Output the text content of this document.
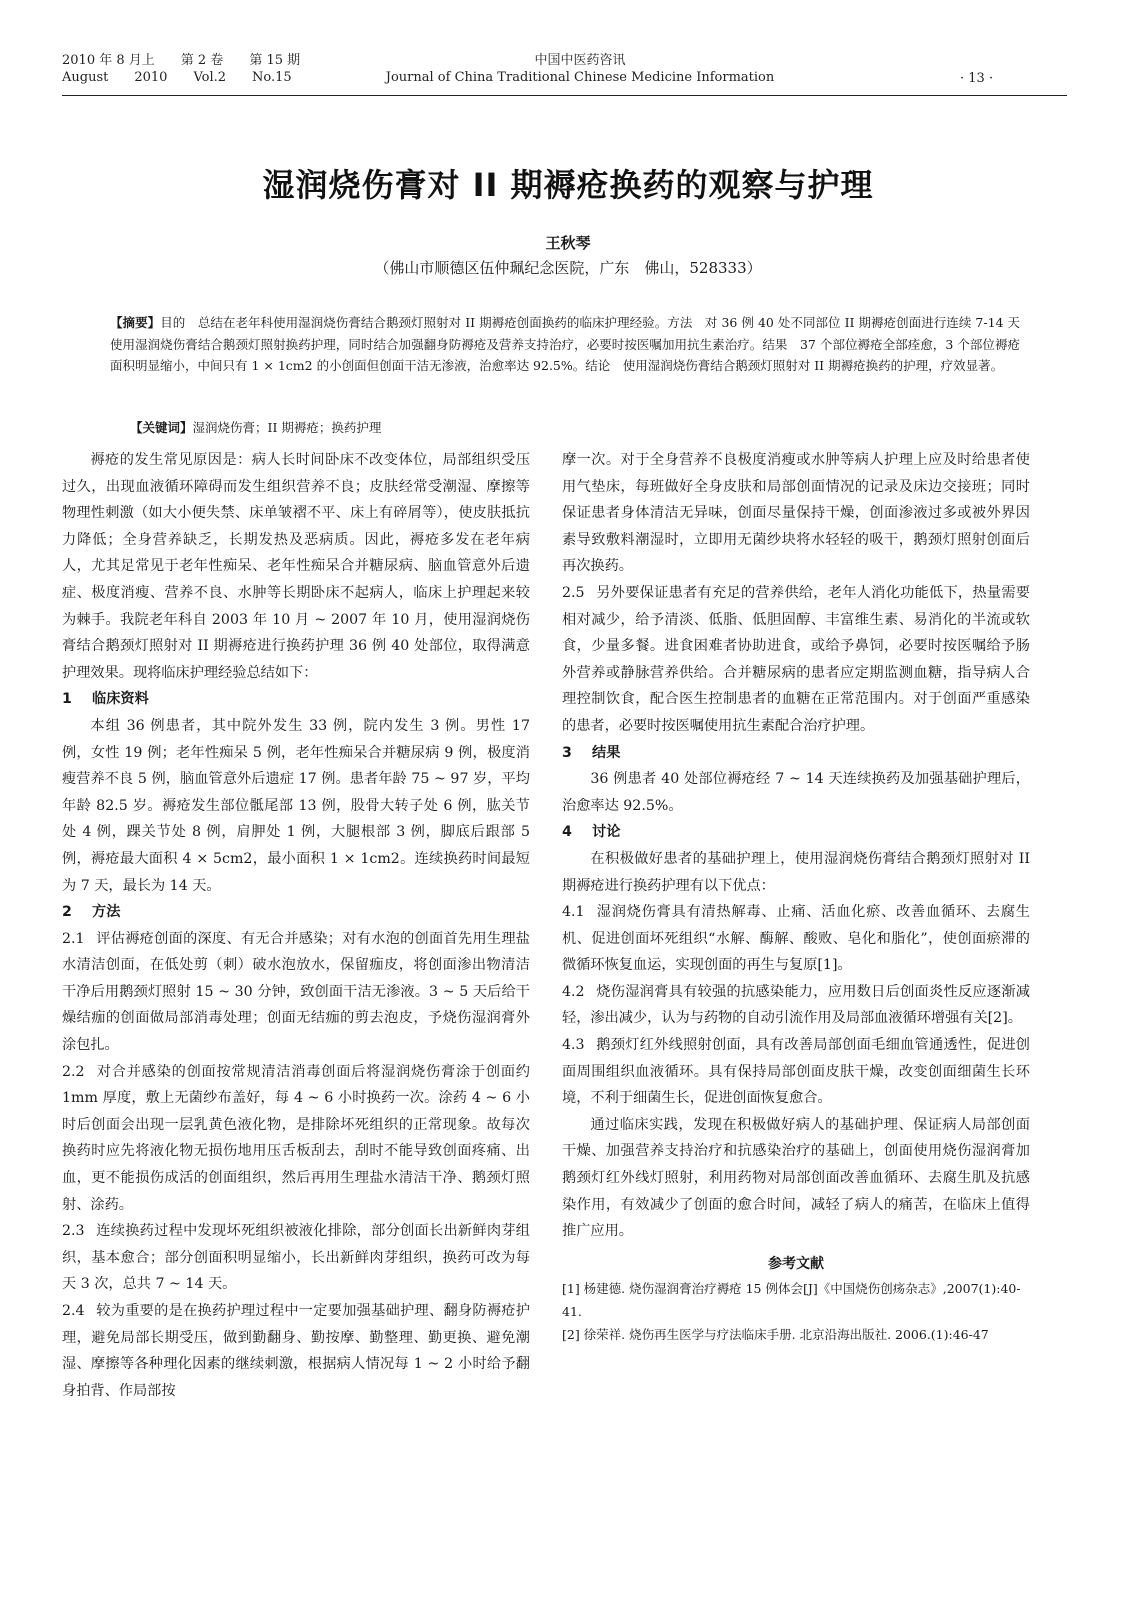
2010 年 8 月上 第 2 卷 第 15 期
August 2010 Vol.2 No.15
中国中医药咨讯
Journal of China Traditional Chinese Medicine Information	· 13 ·
湿润烧伤膏对 II 期褥疮换药的观察与护理
王秋琴
（佛山市顺德区伍仲珮纪念医院，广东　佛山，528333）
【摘要】目的　总结在老年科使用湿润烧伤膏结合鹅颈灯照射对 II 期褥疮创面换药的临床护理经验。方法　对 36 例 40 处不同部位 II 期褥疮创面进行连续 7-14 天使用湿润烧伤膏结合鹅颈灯照射换药护理，同时结合加强翻身防褥疮及营养支持治疗，必要时按医嘱加用抗生素治疗。结果　37 个部位褥疮全部痊愈，3 个部位褥疮面积明显缩小，中间只有 1 × 1cm2 的小创面但创面干洁无渗液，治愈率达 92.5%。结论　使用湿润烧伤膏结合鹅颈灯照射对 II 期褥疮换药的护理，疗效显著。
【关键词】湿润烧伤膏；II 期褥疮；换药护理

褥疮的发生常见原因是：病人长时间卧床不改变体位，局部组织受压过久，出现血液循环障碍而发生组织营养不良；皮肤经常受潮湿、摩擦等物理性刺激（如大小便失禁、床单皱褶不平、床上有碎屑等），使皮肤抵抗力降低；全身营养缺乏，长期发热及恶病质。因此，褥疮多发在老年病人，尤其足常见于老年性痴呆、老年性痴呆合并糖尿病、脑血管意外后遗症、极度消瘦、营养不良、水肿等长期卧床不起病人，临床上护理起来较为棘手。我院老年科自 2003 年 10 月 ~ 2007 年 10 月，使用湿润烧伤膏结合鹅颈灯照射对 II 期褥疮进行换药护理 36 例 40 处部位，取得满意护理效果。现将临床护理经验总结如下：

1 临床资料

本组 36 例患者，其中院外发生 33 例，院内发生 3 例。男性 17 例，女性 19 例；老年性痴呆 5 例，老年性痴呆合并糖尿病 9 例，极度消瘦营养不良 5 例，脑血管意外后遗症 17 例。患者年龄 75 ~ 97 岁，平均年龄 82.5 岁。褥疮发生部位骶尾部 13 例，股骨大转子处 6 例，肱关节处 4 例，踝关节处 8 例，肩胛处 1 例，大腿根部 3 例，脚底后跟部 5 例，褥疮最大面积 4 × 5cm2，最小面积 1 × 1cm2。连续换药时间最短为 7 天，最长为 14 天。

2 方法

2.1 评估褥疮创面的深度、有无合并感染；对有水泡的创面首先用生理盐水清洁创面，在低处剪（刺）破水泡放水，保留痂皮，将创面渗出物清洁干净后用鹅颈灯照射 15 ~ 30 分钟，致创面干洁无渗液。3 ~ 5 天后给干燥结痂的创面做局部消毒处理；创面无结痂的剪去泡皮，予烧伤湿润膏外涂包扎。

2.2 对合并感染的创面按常规清洁消毒创面后将湿润烧伤膏涂于创面约 1mm 厚度，敷上无菌纱布盖好，每 4 ~ 6 小时换药一次。涂药 4 ~ 6 小时后创面会出现一层乳黄色液化物，是排除坏死组织的正常现象。故每次换药时应先将液化物无损伤地用压舌板刮去，刮时不能导致创面疼痛、出血，更不能损伤成活的创面组织，然后再用生理盐水清洁干净、鹅颈灯照射、涂药。

2.3 连续换药过程中发现坏死组织被液化排除，部分创面长出新鲜肉芽组织，基本愈合；部分创面积明显缩小，长出新鲜肉芽组织，换药可改为每天 3 次，总共 7 ~ 14 天。

2.4 较为重要的是在换药护理过程中一定要加强基础护理、翻身防褥疮护理，避免局部长期受压，做到勤翻身、勤按摩、勤整理、勤更换、避免潮湿、摩擦等各种理化因素的继续刺激，根据病人情况每 1 ~ 2 小时给予翻身拍背、作局部按

摩一次。对于全身营养不良极度消瘦或水肿等病人护理上应及时给患者使用气垫床，每班做好全身皮肤和局部创面情况的记录及床边交接班；同时保证患者身体清洁无异味，创面尽量保持干燥，创面渗液过多或被外界因素导致敷料潮湿时，立即用无菌纱块将水轻轻的吸干，鹅颈灯照射创面后再次换药。

2.5 另外要保证患者有充足的营养供给，老年人消化功能低下，热量需要相对减少，给予清淡、低脂、低胆固醇、丰富维生素、易消化的半流或软食，少量多餐。进食困难者协助进食，或给予鼻饲，必要时按医嘱给予肠外营养或静脉营养供给。合并糖尿病的患者应定期监测血糖，指导病人合理控制饮食，配合医生控制患者的血糖在正常范围内。对于创面严重感染的患者，必要时按医嘱使用抗生素配合治疗护理。

3 结果

36 例患者 40 处部位褥疮经 7 ~ 14 天连续换药及加强基础护理后，治愈率达 92.5%。

4 讨论

在积极做好患者的基础护理上，使用湿润烧伤膏结合鹅颈灯照射对 II 期褥疮进行换药护理有以下优点：

4.1 湿润烧伤膏具有清热解毒、止痛、活血化瘀、改善血循环、去腐生机、促进创面坏死组织“水解、酶解、酸败、皂化和脂化”，使创面瘀滞的微循环恢复血运，实现创面的再生与复原[1]。

4.2 烧伤湿润膏具有较强的抗感染能力，应用数日后创面炎性反应逐渐减轻，渗出减少，认为与药物的自动引流作用及局部血液循环增强有关[2]。

4.3 鹅颈灯红外线照射创面，具有改善局部创面毛细血管通透性，促进创面周围组织血液循环。具有保持局部创面皮肤干燥，改变创面细菌生长环境，不利于细菌生长，促进创面恢复愈合。

通过临床实践，发现在积极做好病人的基础护理、保证病人局部创面干燥、加强营养支持治疗和抗感染治疗的基础上，创面使用烧伤湿润膏加鹅颈灯红外线灯照射，利用药物对局部创面改善血循环、去腐生肌及抗感染作用，有效减少了创面的愈合时间，减轻了病人的痛苦，在临床上值得推广应用。

参考文献

[1] 杨建德. 烧伤湿润膏治疗褥疮 15 例体会[J]《中国烧伤创疡杂志》,2007(1):40-41.

[2] 徐荣祥. 烧伤再生医学与疗法临床手册. 北京沿海出版社. 2006.(1):46-47
